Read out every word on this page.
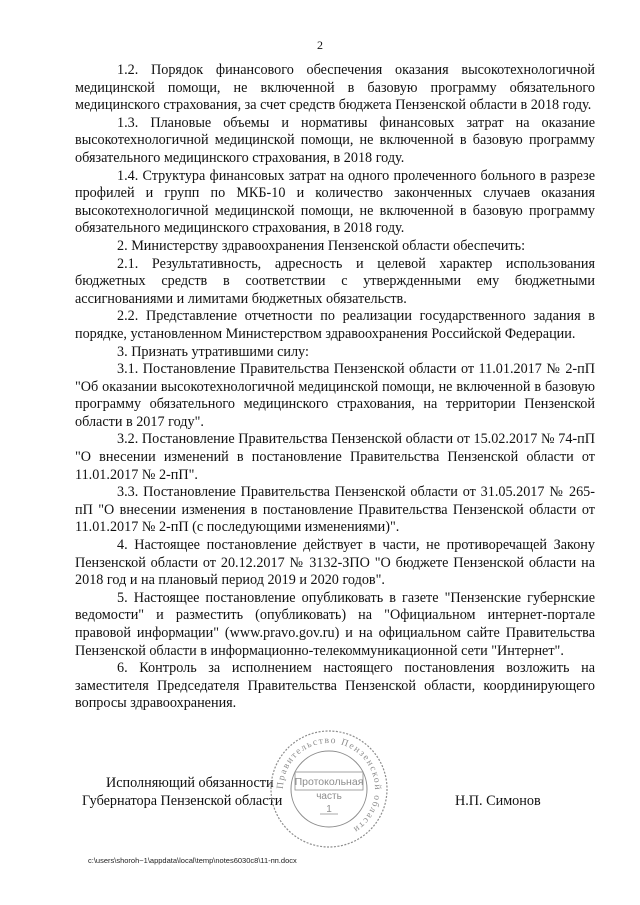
2

1.2. Порядок финансового обеспечения оказания высокотехнологичной медицинской помощи, не включенной в базовую программу обязательного медицинского страхования, за счет средств бюджета Пензенской области в 2018 году.

1.3. Плановые объемы и нормативы финансовых затрат на оказание высокотехнологичной медицинской помощи, не включенной в базовую программу обязательного медицинского страхования, в 2018 году.

1.4. Структура финансовых затрат на одного пролеченного больного в разрезе профилей и групп по МКБ-10 и количество законченных случаев оказания высокотехнологичной медицинской помощи, не включенной в базовую программу обязательного медицинского страхования, в 2018 году.

2. Министерству здравоохранения Пензенской области обеспечить:

2.1. Результативность, адресность и целевой характер использования бюджетных средств в соответствии с утвержденными ему бюджетными ассигнованиями и лимитами бюджетных обязательств.

2.2. Представление отчетности по реализации государственного задания в порядке, установленном Министерством здравоохранения Российской Федерации.

3. Признать утратившими силу:

3.1. Постановление Правительства Пензенской области от 11.01.2017 № 2-пП "Об оказании высокотехнологичной медицинской помощи, не включенной в базовую программу обязательного медицинского страхования, на территории Пензенской области в 2017 году".

3.2. Постановление Правительства Пензенской области от 15.02.2017 № 74-пП "О внесении изменений в постановление Правительства Пензенской области от 11.01.2017 № 2-пП".

3.3. Постановление Правительства Пензенской области от 31.05.2017 № 265-пП "О внесении изменения в постановление Правительства Пензенской области от 11.01.2017 № 2-пП (с последующими изменениями)".

4. Настоящее постановление действует в части, не противоречащей Закону Пензенской области от 20.12.2017 № 3132-ЗПО "О бюджете Пензенской области на 2018 год и на плановый период 2019 и 2020 годов".

5. Настоящее постановление опубликовать в газете "Пензенские губернские ведомости" и разместить (опубликовать) на "Официальном интернет-портале правовой информации" (www.pravo.gov.ru) и на официальном сайте Правительства Пензенской области в информационно-телекоммуникационной сети "Интернет".

6. Контроль за исполнением настоящего постановления возложить на заместителя Председателя Правительства Пензенской области, координирующего вопросы здравоохранения.

Исполняющий обязанности
Губернатора Пензенской области	Н.П. Симонов
Правительство Пензенской области
Протокольная
часть
1
c:\users\shoroh~1\appdata\local\temp\notes6030c8\11-пп.docx
